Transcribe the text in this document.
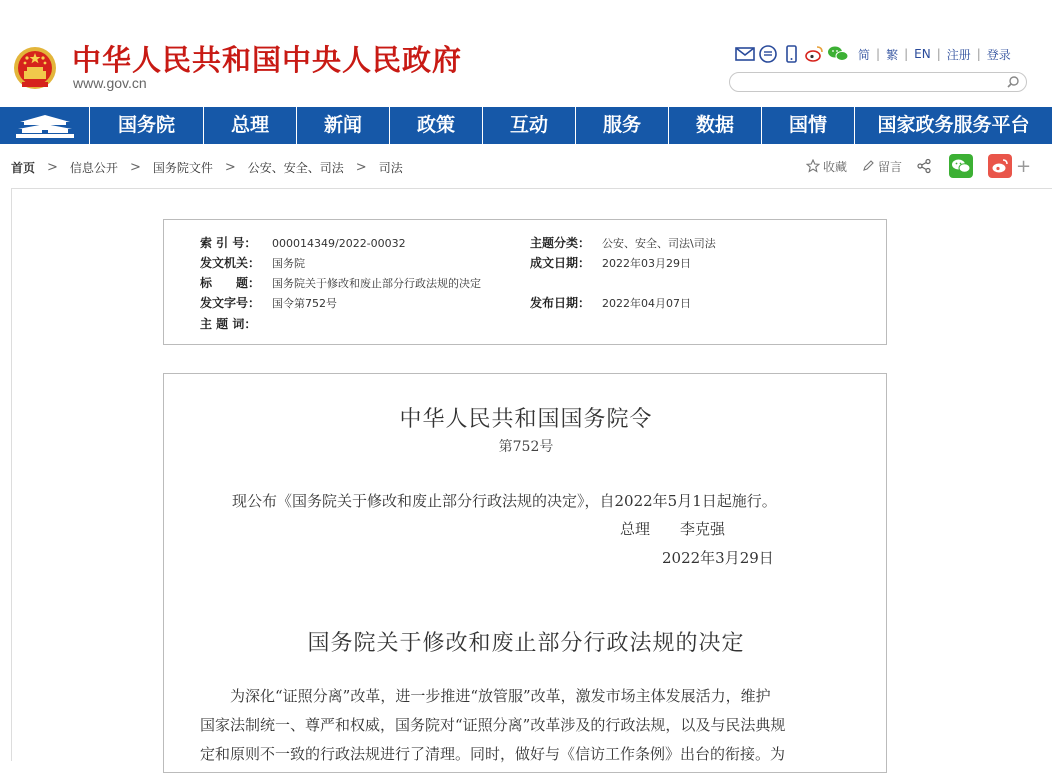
中华人民共和国中央人民政府
www.gov.cn
简 | 繁 | EN | 注册 | 登录
国务院	总理	新闻	政策	互动	服务	数据	国情	国家政务服务平台
首页 > 信息公开 > 国务院文件 > 公安、安全、司法 > 司法	收藏	留言	+
索 引 号： 000014349/2022-00032	主题分类： 公安、安全、司法\司法
发文机关： 国务院	成文日期： 2022年03月29日
标　　题： 国务院关于修改和废止部分行政法规的决定
发文字号： 国令第752号	发布日期： 2022年04月07日
主 题 词：
中华人民共和国国务院令
第752号
现公布《国务院关于修改和废止部分行政法规的决定》，自2022年5月1日起施行。
总理　　李克强
2022年3月29日
国务院关于修改和废止部分行政法规的决定
为深化“证照分离”改革，进一步推进“放管服”改革，激发市场主体发展活力，维护
国家法制统一、尊严和权威，国务院对“证照分离”改革涉及的行政法规，以及与民法典规
定和原则不一致的行政法规进行了清理。同时，做好与《信访工作条例》出台的衔接。为
